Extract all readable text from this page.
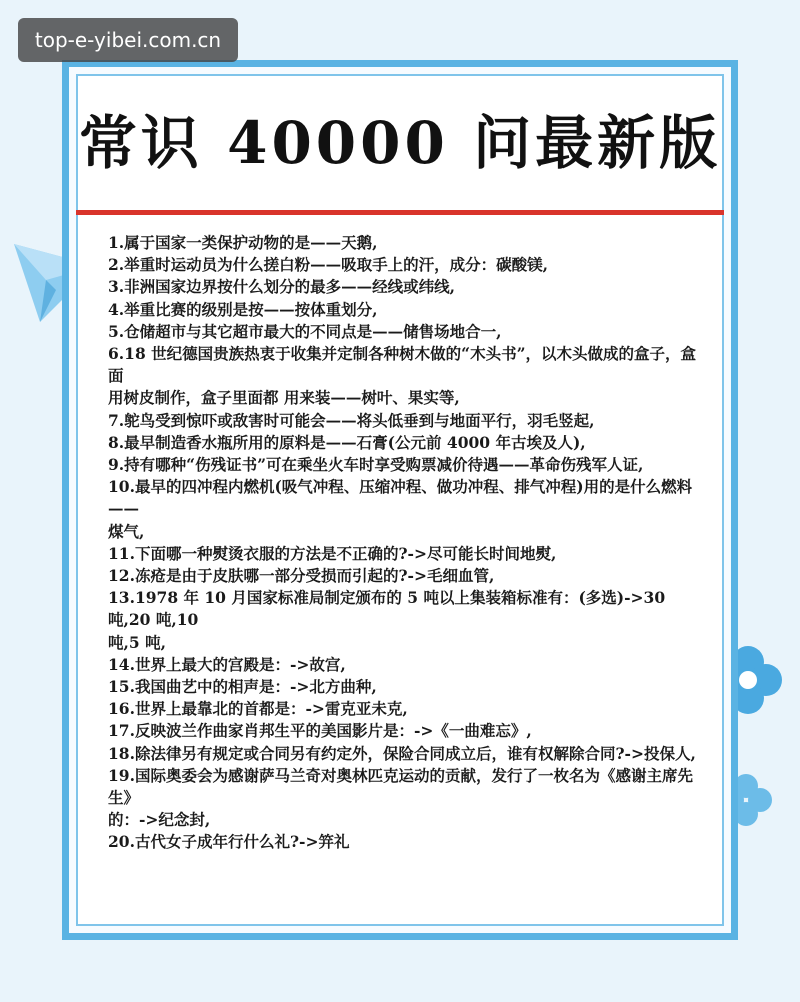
top-e-yibei.com.cn
常识 40000 问最新版
1.属于国家一类保护动物的是——天鹅,
2.举重时运动员为什么搓白粉——吸取手上的汗，成分：碳酸镁,
3.非洲国家边界按什么划分的最多——经线或纬线,
4.举重比赛的级别是按——按体重划分,
5.仓储超市与其它超市最大的不同点是——储售场地合一,
6.18 世纪德国贵族热衷于收集并定制各种树木做的“木头书”，以木头做成的盒子，盒面
用树皮制作，盒子里面都 用来装——树叶、果实等,
7.鸵鸟受到惊吓或敌害时可能会——将头低垂到与地面平行，羽毛竖起,
8.最早制造香水瓶所用的原料是——石膏(公元前 4000 年古埃及人),
9.持有哪种“伤残证书”可在乘坐火车时享受购票减价待遇——革命伤残军人证,
10.最早的四冲程内燃机(吸气冲程、压缩冲程、做功冲程、排气冲程)用的是什么燃料——
煤气,
11.下面哪一种熨烫衣服的方法是不正确的?->尽可能长时间地熨,
12.冻疮是由于皮肤哪一部分受损而引起的?->毛细血管,
13.1978 年 10 月国家标准局制定颁布的 5 吨以上集装箱标准有：(多选)->30 吨,20 吨,10
吨,5 吨,
14.世界上最大的宫殿是：->故宫,
15.我国曲艺中的相声是：->北方曲种,
16.世界上最靠北的首都是：->雷克亚未克,
17.反映波兰作曲家肖邦生平的美国影片是：->《一曲难忘》,
18.除法律另有规定或合同另有约定外，保险合同成立后，谁有权解除合同?->投保人,
19.国际奥委会为感谢萨马兰奇对奥林匹克运动的贡献，发行了一枚名为《感谢主席先生》
的：->纪念封,
20.古代女子成年行什么礼?->笄礼
